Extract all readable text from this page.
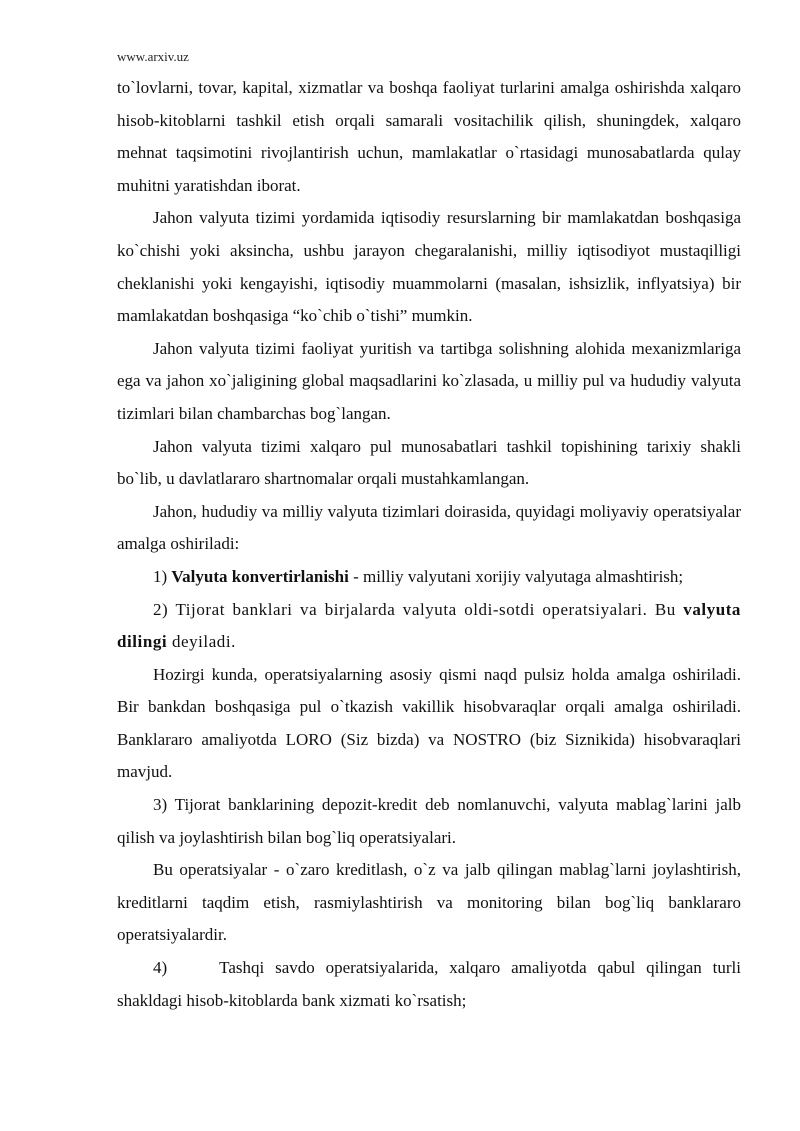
www.arxiv.uz

to`lovlarni, tovar, kapital, xizmatlar va boshqa faoliyat turlarini amalga oshirishda xalqaro hisob-kitoblarni tashkil etish orqali samarali vositachilik qilish, shuningdek, xalqaro mehnat taqsimotini rivojlantirish uchun, mamlakatlar o`rtasidagi munosabatlarda qulay muhitni yaratishdan iborat.

Jahon valyuta tizimi yordamida iqtisodiy resurslarning bir mamlakatdan boshqasiga ko`chishi yoki aksincha, ushbu jarayon chegaralanishi, milliy iqtisodiyot mustaqilligi cheklanishi yoki kengayishi, iqtisodiy muammolarni (masalan, ishsizlik, inflyatsiya) bir mamlakatdan boshqasiga “ko`chib o`tishi” mumkin.

Jahon valyuta tizimi faoliyat yuritish va tartibga solishning alohida mexanizmlariga ega va jahon xo`jaligining global maqsadlarini ko`zlasada, u milliy pul va hududiy valyuta tizimlari bilan chambarchas bog`langan.

Jahon valyuta tizimi xalqaro pul munosabatlari tashkil topishining tarixiy shakli bo`lib, u davlatlararo shartnomalar orqali mustahkamlangan.

Jahon, hududiy va milliy valyuta tizimlari doirasida, quyidagi moliyaviy operatsiyalar amalga oshiriladi:

1) Valyuta konvertirlanishi - milliy valyutani xorijiy valyutaga almashtirish;

2) Tijorat banklari va birjalarda valyuta oldi-sotdi operatsiyalari. Bu valyuta dilingi deyiladi.

Hozirgi kunda, operatsiyalarning asosiy qismi naqd pulsiz holda amalga oshiriladi. Bir bankdan boshqasiga pul o`tkazish vakillik hisobvaraqlar orqali amalga oshiriladi. Banklararo amaliyotda LORO (Siz bizda) va NOSTRO (biz Siznikida) hisobvaraqlari mavjud.

3) Tijorat banklarining depozit-kredit deb nomlanuvchi, valyuta mablag`larini jalb qilish va joylashtirish bilan bog`liq operatsiyalari.

Bu operatsiyalar - o`zaro kreditlash, o`z va jalb qilingan mablag`larni joylashtirish, kreditlarni taqdim etish, rasmiylashtirish va monitoring bilan bog`liq banklararo operatsiyalardir.

4)	Tashqi savdo operatsiyalarida, xalqaro amaliyotda qabul qilingan turli shakldagi hisob-kitoblarda bank xizmati ko`rsatish;
